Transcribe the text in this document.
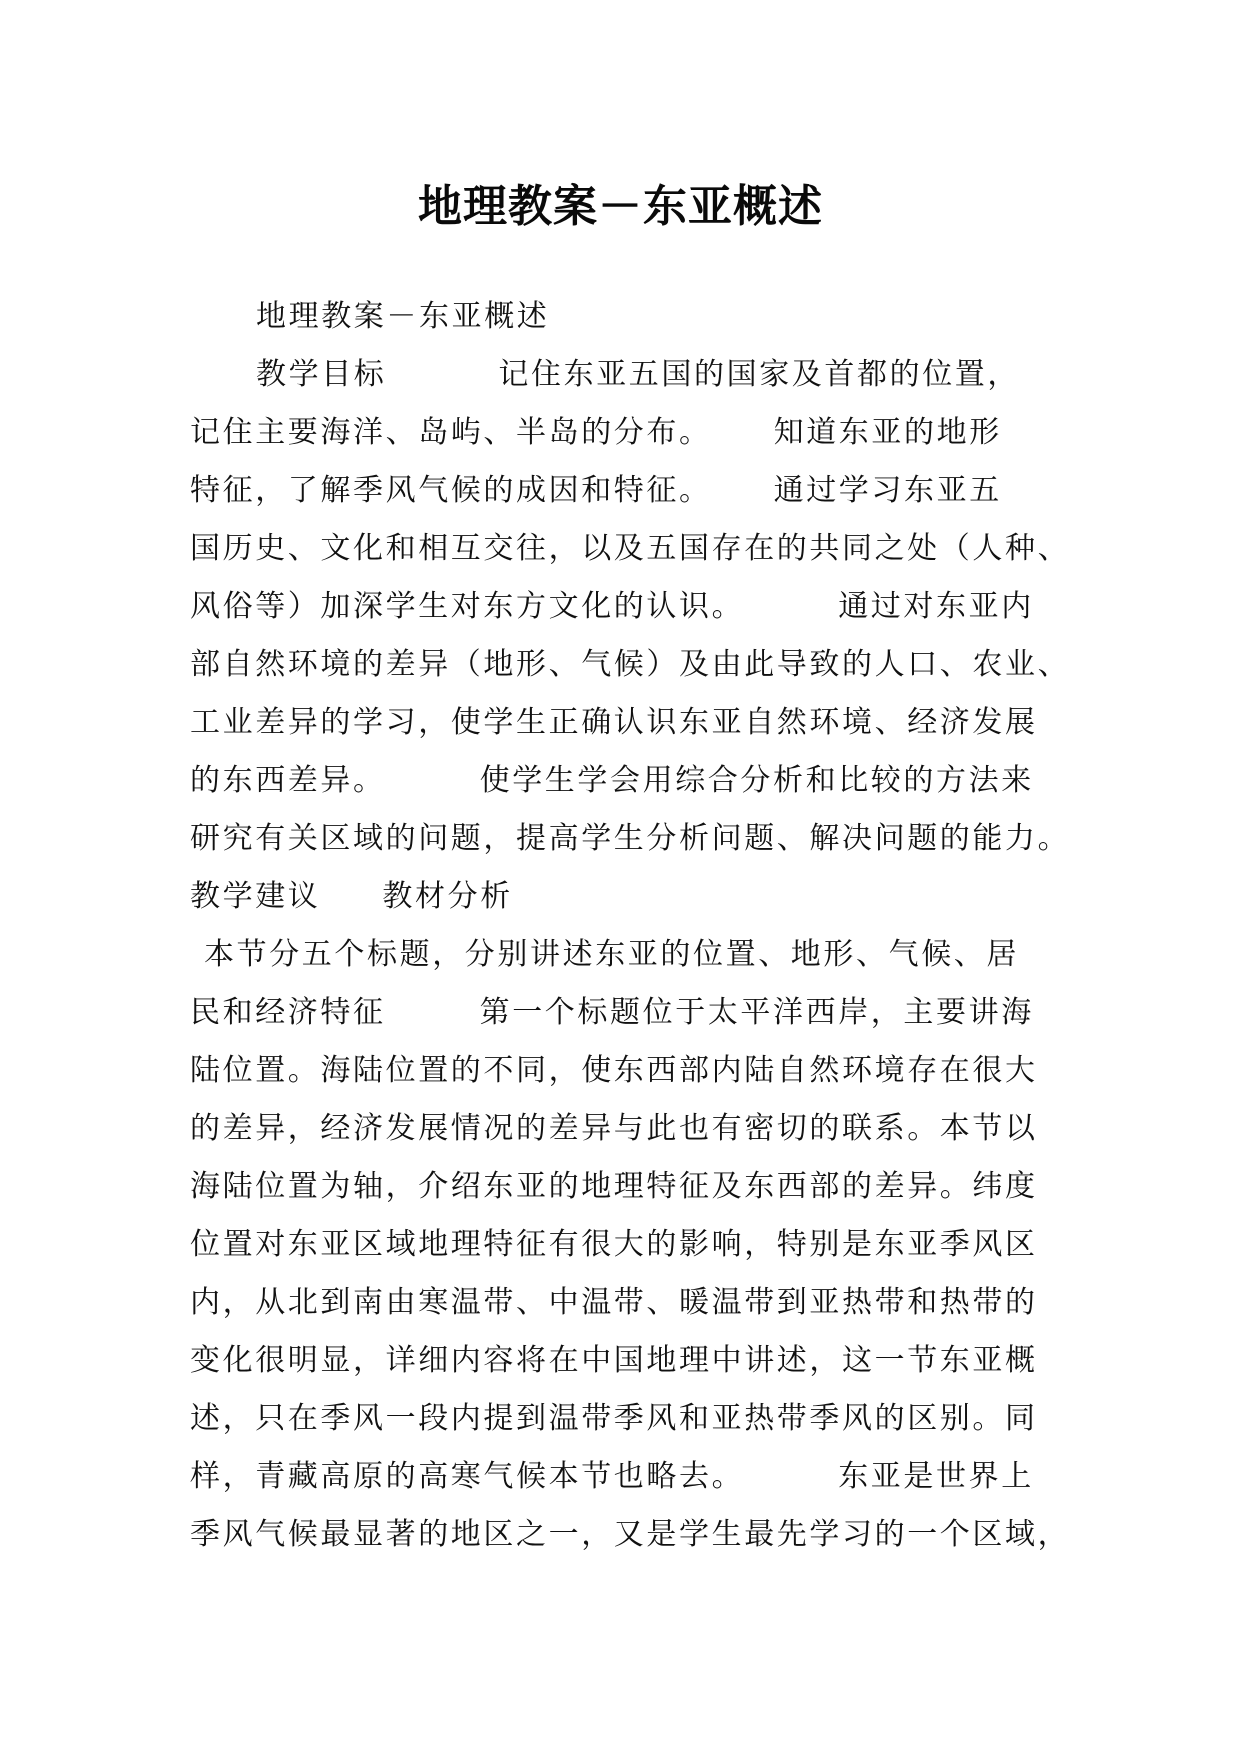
地理教案－东亚概述
地理教案－东亚概述
教学目标	记住东亚五国的国家及首都的位置，
记住主要海洋、岛屿、半岛的分布。 知道东亚的地形
特征，了解季风气候的成因和特征。 通过学习东亚五
国历史、文化和相互交往，以及五国存在的共同之处（人种、
风俗等）加深学生对东方文化的认识。	通过对东亚内
部自然环境的差异（地形、气候）及由此导致的人口、农业、
工业差异的学习，使学生正确认识东亚自然环境、经济发展
的东西差异。	使学生学会用综合分析和比较的方法来
研究有关区域的问题，提高学生分析问题、解决问题的能力。
教学建议 教材分析
本节分五个标题，分别讲述东亚的位置、地形、气候、居
民和经济特征	第一个标题位于太平洋西岸，主要讲海
陆位置。海陆位置的不同，使东西部内陆自然环境存在很大
的差异，经济发展情况的差异与此也有密切的联系。本节以
海陆位置为轴，介绍东亚的地理特征及东西部的差异。纬度
位置对东亚区域地理特征有很大的影响，特别是东亚季风区
内，从北到南由寒温带、中温带、暖温带到亚热带和热带的
变化很明显，详细内容将在中国地理中讲述，这一节东亚概
述，只在季风一段内提到温带季风和亚热带季风的区别。同
样，青藏高原的高寒气候本节也略去。	东亚是世界上
季风气候最显著的地区之一，又是学生最先学习的一个区域，
